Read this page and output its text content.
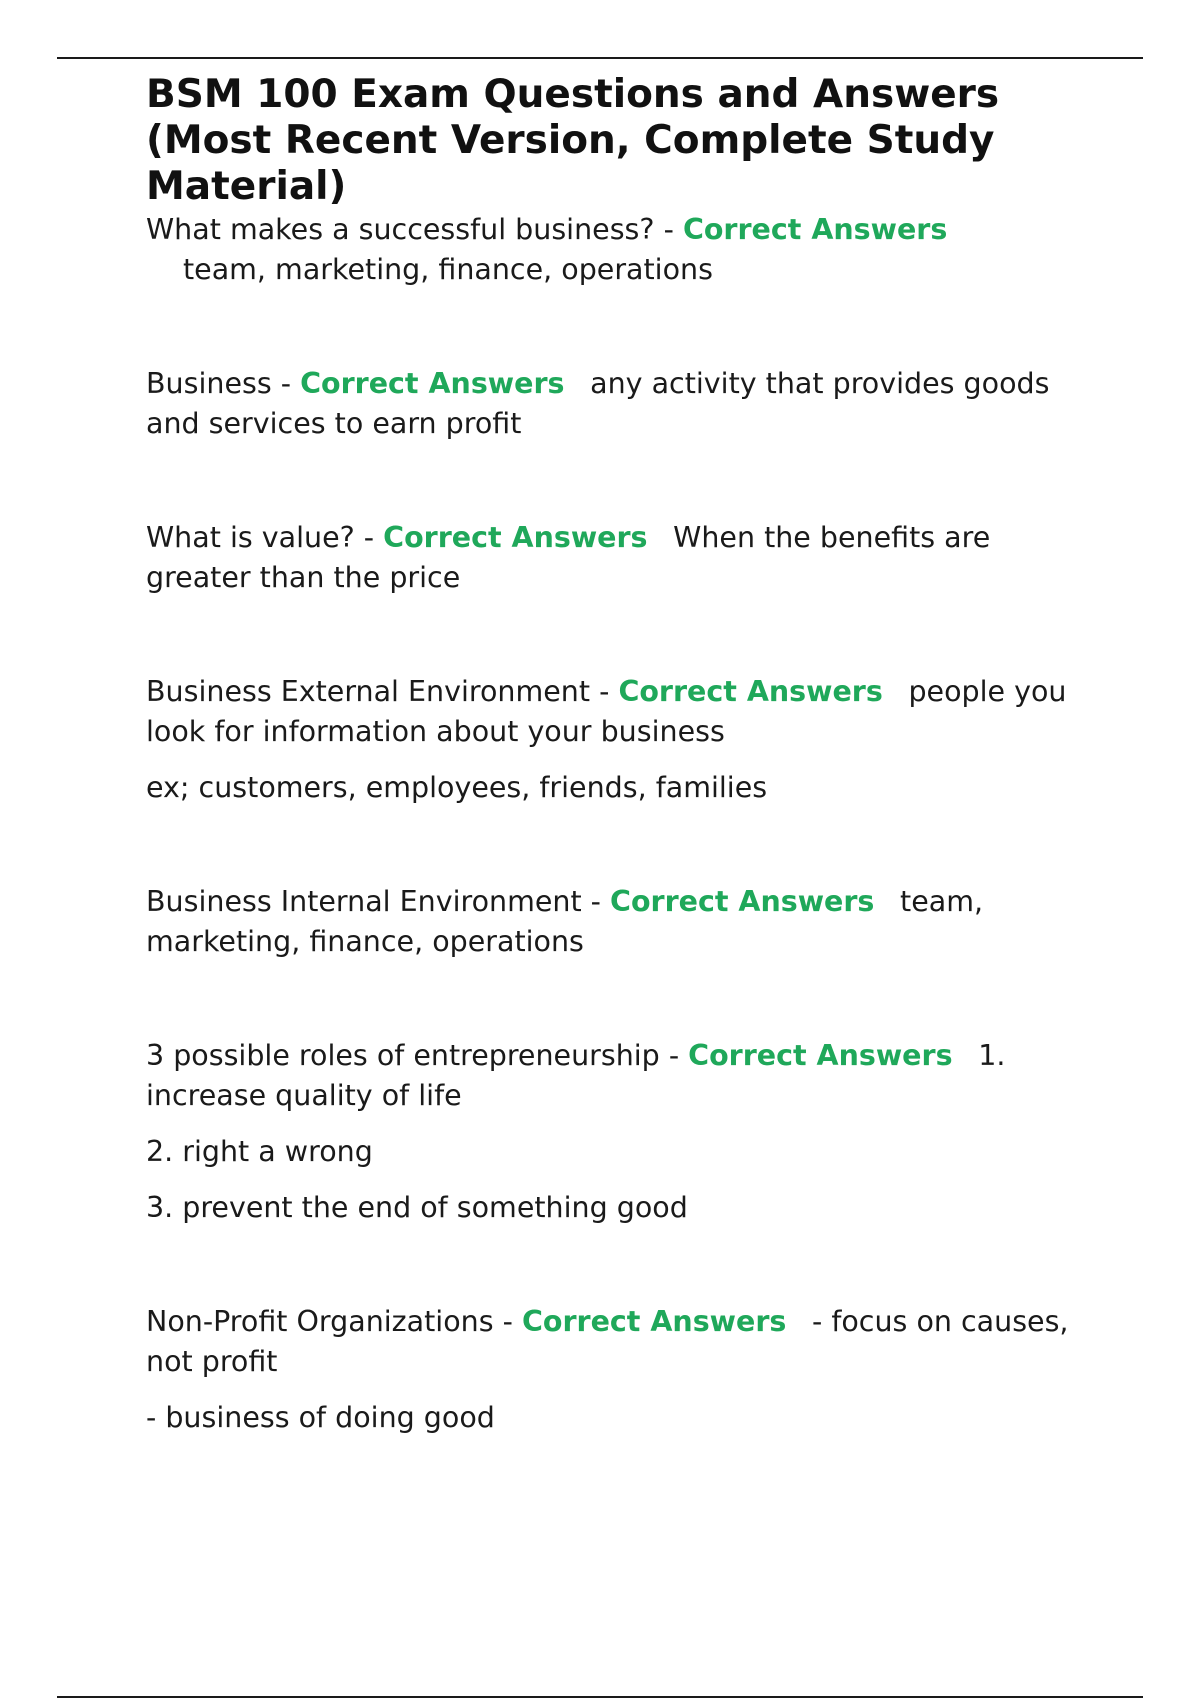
BSM 100 Exam Questions and Answers (Most Recent Version, Complete Study Material)

What makes a successful business? - Correct Answers
team, marketing, finance, operations

Business - Correct Answers any activity that provides goods and services to earn profit

What is value? - Correct Answers When the benefits are greater than the price

Business External Environment - Correct Answers people you look for information about your business

ex; customers, employees, friends, families

Business Internal Environment - Correct Answers team, marketing, finance, operations

3 possible roles of entrepreneurship - Correct Answers 1. increase quality of life

2. right a wrong

3. prevent the end of something good

Non-Profit Organizations - Correct Answers - focus on causes, not profit

- business of doing good
